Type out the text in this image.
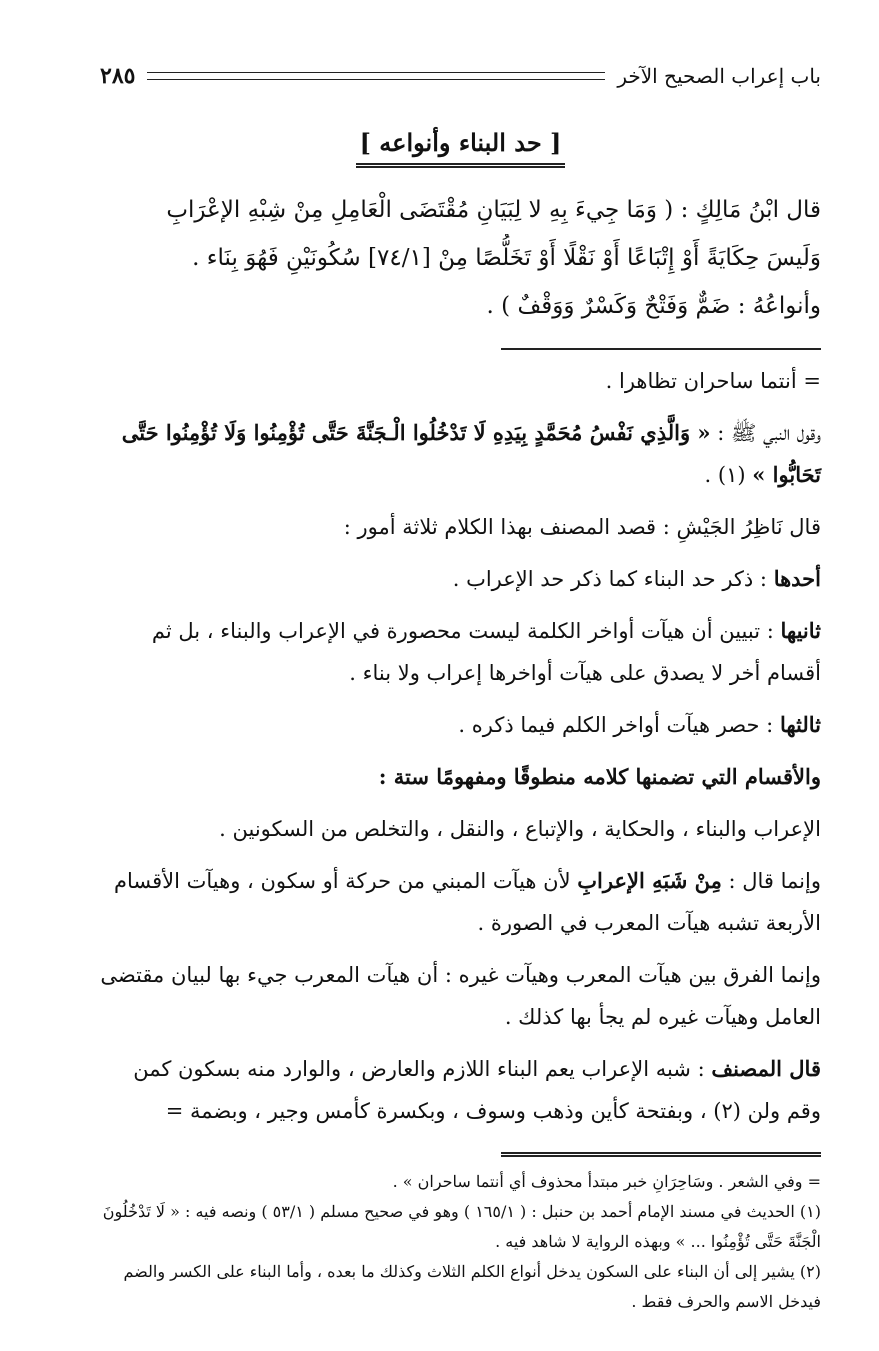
باب إعراب الصحيح الآخر
٢٨٥
[ حد البناء وأنواعه ]
قال ابْنُ مَالِكٍ : ( وَمَا جِيءَ بِهِ لا لِبَيَانِ مُقْتَضَى الْعَامِلِ مِنْ شِبْهِ الإعْرَابِ
وَلَيسَ حِكَايَةً أَوْ إِتْبَاعًا أَوْ نَقْلًا أَوْ تَخَلُّصًا مِنْ [٧٤/١] سُكُونَيْنِ فَهُوَ بِنَاء .
وأنواعُهُ : ضَمٌّ وَفَتْحٌ وَكَسْرٌ وَوَقْفٌ ) .

= أنتما ساحران تظاهرا .

وقول النبي ﷺ : « وَالَّذِي نَفْسُ مُحَمَّدٍ بِيَدِهِ لَا تَدْخُلُوا الْـجَنَّةَ حَتَّى تُؤْمِنُوا وَلَا تُؤْمِنُوا حَتَّى تَحَابُّوا » (١) .

قال نَاظِرُ الجَيْشِ : قصد المصنف بهذا الكلام ثلاثة أمور :

أحدها : ذكر حد البناء كما ذكر حد الإعراب .

ثانيها : تبيين أن هيآت أواخر الكلمة ليست محصورة في الإعراب والبناء ، بل ثم أقسام أخر لا يصدق على هيآت أواخرها إعراب ولا بناء .

ثالثها : حصر هيآت أواخر الكلم فيما ذكره .

والأقسام التي تضمنها كلامه منطوقًا ومفهومًا ستة :

الإعراب والبناء ، والحكاية ، والإتباع ، والنقل ، والتخلص من السكونين .

وإنما قال : مِنْ شَبَهِ الإعرابِ لأن هيآت المبني من حركة أو سكون ، وهيآت الأقسام الأربعة تشبه هيآت المعرب في الصورة .

وإنما الفرق بين هيآت المعرب وهيآت غيره : أن هيآت المعرب جيء بها لبيان مقتضى العامل وهيآت غيره لم يجأ بها كذلك .

قال المصنف : شبه الإعراب يعم البناء اللازم والعارض ، والوارد منه بسكون كمن وقم ولن (٢) ، وبفتحة كأين وذهب وسوف ، وبكسرة كأمس وجير ، وبضمة =

= وفي الشعر . وسَاحِرَانِ خبر مبتدأ محذوف أي أنتما ساحران » .
(١) الحديث في مسند الإمام أحمد بن حنبل : ( ١٦٥/١ ) وهو في صحيح مسلم ( ٥٣/١ ) ونصه فيه : « لَا تَدْخُلُونَ الْجَنَّةَ حَتَّى تُؤْمِنُوا ... » وبهذه الرواية لا شاهد فيه .
(٢) يشير إلى أن البناء على السكون يدخل أنواع الكلم الثلاث وكذلك ما بعده ، وأما البناء على الكسر والضم فيدخل الاسم والحرف فقط .
